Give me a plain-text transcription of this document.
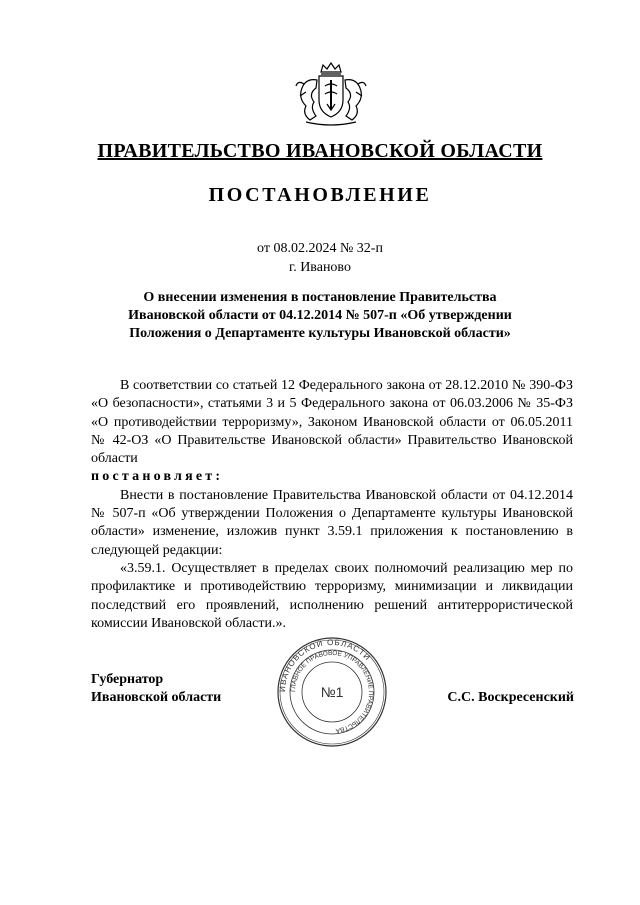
ПРАВИТЕЛЬСТВО ИВАНОВСКОЙ ОБЛАСТИ
ПОСТАНОВЛЕНИЕ
от 08.02.2024 № 32-п
г. Иваново
О внесении изменения в постановление Правительства
Ивановской области от 04.12.2014 № 507-п «Об утверждении
Положения о Департаменте культуры Ивановской области»

В соответствии со статьей 12 Федерального закона от 28.12.2010 № 390-ФЗ «О безопасности», статьями 3 и 5 Федерального закона от 06.03.2006 № 35-ФЗ «О противодействии терроризму», Законом Ивановской области от 06.05.2011 № 42-ОЗ «О Правительстве Ивановской области» Правительство Ивановской области

постановляет:

Внести в постановление Правительства Ивановской области от 04.12.2014 № 507-п «Об утверждении Положения о Департаменте культуры Ивановской области» изменение, изложив пункт 3.59.1 приложения к постановлению в следующей редакции:

«3.59.1. Осуществляет в пределах своих полномочий реализацию мер по профилактике и противодействию терроризму, минимизации и ликвидации последствий его проявлений, исполнению решений антитеррористической комиссии Ивановской области.».

Губернатор
Ивановской области
ИВАНОВСКОЙ ОБЛАСТИ
ГЛАВНОЕ ПРАВОВОЕ УПРАВЛЕНИЕ ПРАВИТЕЛЬСТВА
№1	С.С. Воскресенский
